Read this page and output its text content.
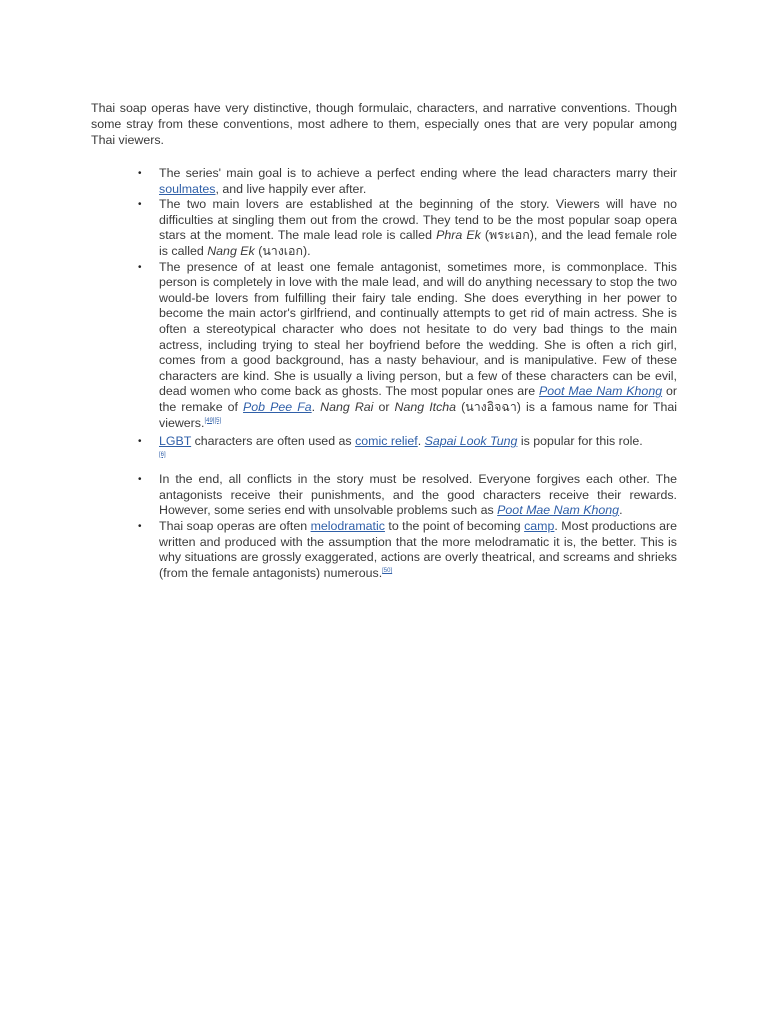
Thai soap operas have very distinctive, though formulaic, characters, and narrative conventions. Though some stray from these conventions, most adhere to them, especially ones that are very popular among Thai viewers.

• The series' main goal is to achieve a perfect ending where the lead characters marry their soulmates, and live happily ever after.
• The two main lovers are established at the beginning of the story. Viewers will have no difficulties at singling them out from the crowd. They tend to be the most popular soap opera stars at the moment. The male lead role is called Phra Ek (พระเอก), and the lead female role is called Nang Ek (นางเอก).
• The presence of at least one female antagonist, sometimes more, is commonplace. This person is completely in love with the male lead, and will do anything necessary to stop the two would-be lovers from fulfilling their fairy tale ending. She does everything in her power to become the main actor's girlfriend, and continually attempts to get rid of main actress. She is often a stereotypical character who does not hesitate to do very bad things to the main actress, including trying to steal her boyfriend before the wedding. She is often a rich girl, comes from a good background, has a nasty behaviour, and is manipulative. Few of these characters are kind. She is usually a living person, but a few of these characters can be evil, dead women who come back as ghosts. The most popular ones are Poot Mae Nam Khong or the remake of Pob Pee Fa. Nang Rai or Nang Itcha (นางอิจฉา) is a famous name for Thai viewers.[49][5]
• LGBT characters are often used as comic relief. Sapai Look Tung is popular for this role.
[6]
• In the end, all conflicts in the story must be resolved. Everyone forgives each other. The antagonists receive their punishments, and the good characters receive their rewards. However, some series end with unsolvable problems such as Poot Mae Nam Khong.
• Thai soap operas are often melodramatic to the point of becoming camp. Most productions are written and produced with the assumption that the more melodramatic it is, the better. This is why situations are grossly exaggerated, actions are overly theatrical, and screams and shrieks (from the female antagonists) numerous.[50]
